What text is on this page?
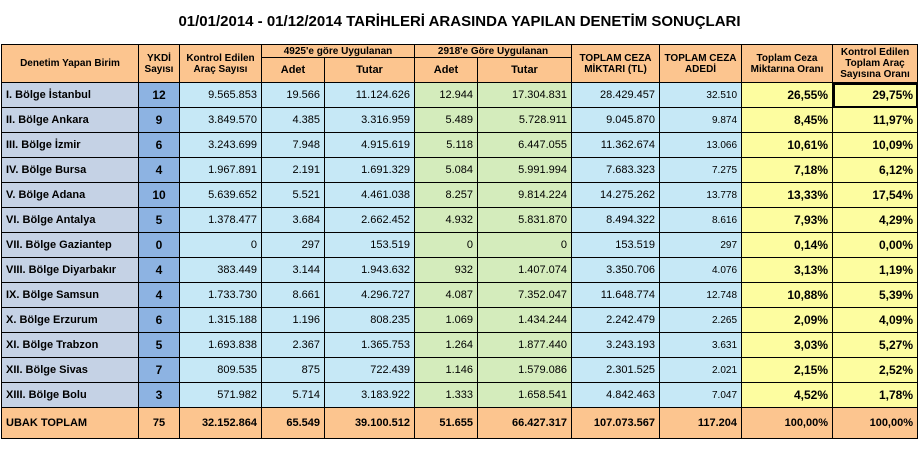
01/01/2014 - 01/12/2014 TARİHLERİ ARASINDA YAPILAN DENETİM SONUÇLARI
Denetim Yapan Birim	YKDİ Sayısı	Kontrol Edilen Araç Sayısı	4925'e göre Uygulanan		2918'e Göre Uygulanan		TOPLAM CEZA MİKTARI (TL)	TOPLAM CEZA ADEDİ	Toplam Ceza Miktarına Oranı	Kontrol Edilen Toplam Araç Sayısına Oranı
			Adet	Tutar	Adet	Tutar				
I. Bölge İstanbul	12	9.565.853	19.566	11.124.626	12.944	17.304.831	28.429.457	32.510	26,55%	29,75%
II. Bölge Ankara	9	3.849.570	4.385	3.316.959	5.489	5.728.911	9.045.870	9.874	8,45%	11,97%
III. Bölge İzmir	6	3.243.699	7.948	4.915.619	5.118	6.447.055	11.362.674	13.066	10,61%	10,09%
IV. Bölge Bursa	4	1.967.891	2.191	1.691.329	5.084	5.991.994	7.683.323	7.275	7,18%	6,12%
V. Bölge Adana	10	5.639.652	5.521	4.461.038	8.257	9.814.224	14.275.262	13.778	13,33%	17,54%
VI. Bölge Antalya	5	1.378.477	3.684	2.662.452	4.932	5.831.870	8.494.322	8.616	7,93%	4,29%
VII. Bölge Gaziantep	0	0	297	153.519	0	0	153.519	297	0,14%	0,00%
VIII. Bölge Diyarbakır	4	383.449	3.144	1.943.632	932	1.407.074	3.350.706	4.076	3,13%	1,19%
IX. Bölge Samsun	4	1.733.730	8.661	4.296.727	4.087	7.352.047	11.648.774	12.748	10,88%	5,39%
X. Bölge Erzurum	6	1.315.188	1.196	808.235	1.069	1.434.244	2.242.479	2.265	2,09%	4,09%
XI. Bölge Trabzon	5	1.693.838	2.367	1.365.753	1.264	1.877.440	3.243.193	3.631	3,03%	5,27%
XII. Bölge Sivas	7	809.535	875	722.439	1.146	1.579.086	2.301.525	2.021	2,15%	2,52%
XIII. Bölge Bolu	3	571.982	5.714	3.183.922	1.333	1.658.541	4.842.463	7.047	4,52%	1,78%
UBAK TOPLAM	75	32.152.864	65.549	39.100.512	51.655	66.427.317	107.073.567	117.204	100,00%	100,00%
